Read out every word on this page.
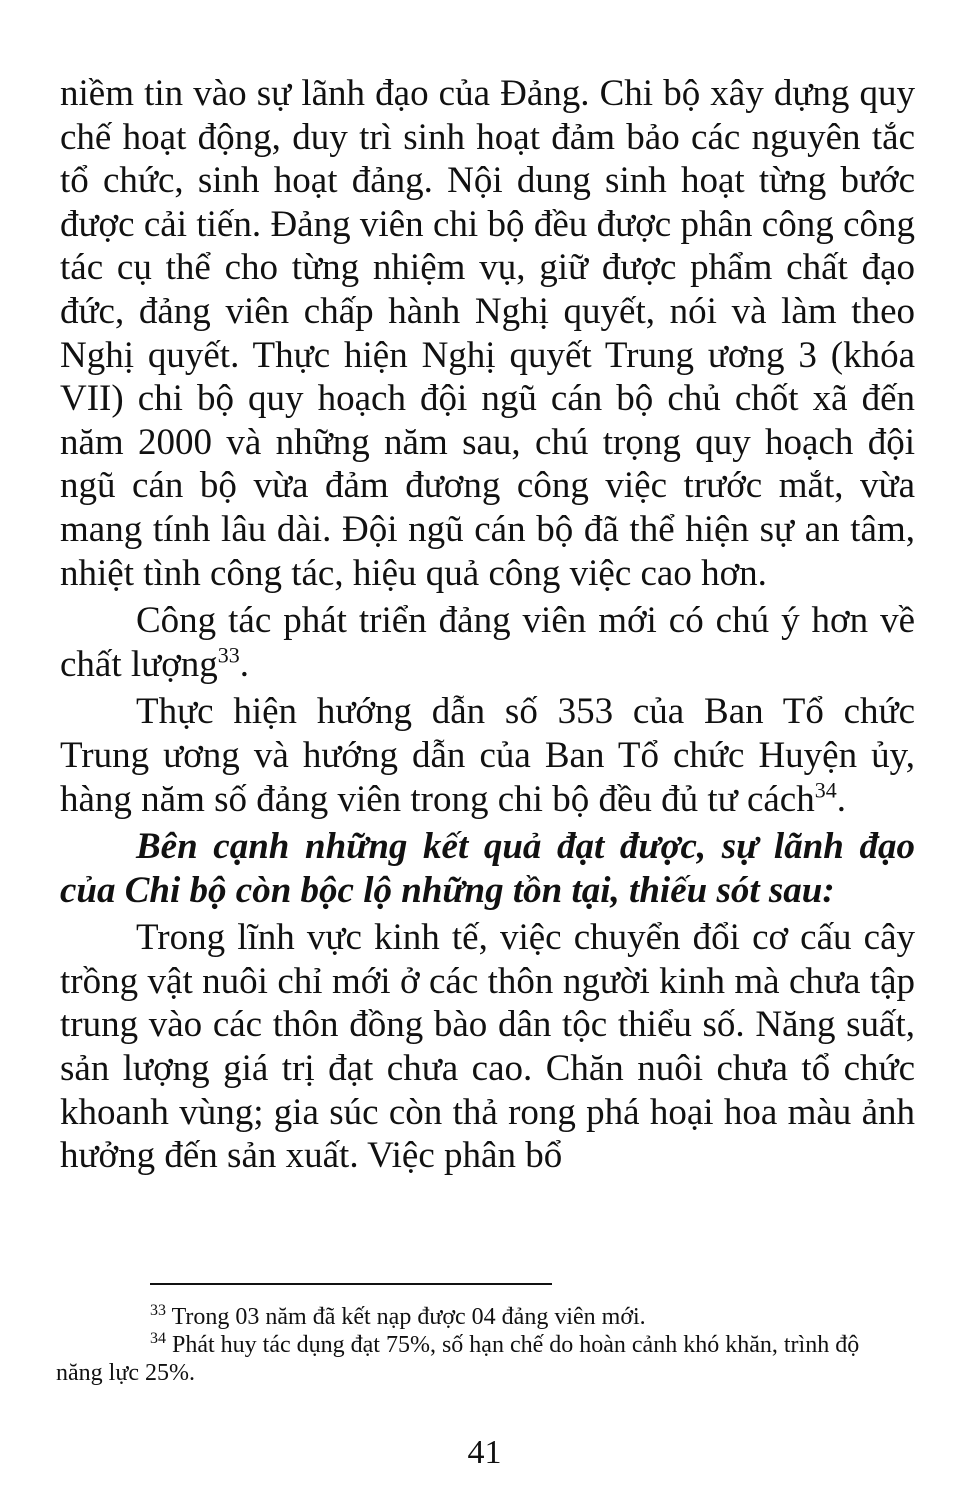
niềm tin vào sự lãnh đạo của Đảng. Chi bộ xây dựng quy chế hoạt động, duy trì sinh hoạt đảm bảo các nguyên tắc tổ chức, sinh hoạt đảng. Nội dung sinh hoạt từng bước được cải tiến. Đảng viên chi bộ đều được phân công công tác cụ thể cho từng nhiệm vụ, giữ được phẩm chất đạo đức, đảng viên chấp hành Nghị quyết, nói và làm theo Nghị quyết. Thực hiện Nghị quyết Trung ương 3 (khóa VII) chi bộ quy hoạch đội ngũ cán bộ chủ chốt xã đến năm 2000 và những năm sau, chú trọng quy hoạch đội ngũ cán bộ vừa đảm đương công việc trước mắt, vừa mang tính lâu dài. Đội ngũ cán bộ đã thể hiện sự an tâm, nhiệt tình công tác, hiệu quả công việc cao hơn.

Công tác phát triển đảng viên mới có chú ý hơn về chất lượng$^{33}$.

Thực hiện hướng dẫn số 353 của Ban Tổ chức Trung ương và hướng dẫn của Ban Tổ chức Huyện ủy, hàng năm số đảng viên trong chi bộ đều đủ tư cách$^{34}$.

Bên cạnh những kết quả đạt được, sự lãnh đạo của Chi bộ còn bộc lộ những tồn tại, thiếu sót sau:

Trong lĩnh vực kinh tế, việc chuyển đổi cơ cấu cây trồng vật nuôi chỉ mới ở các thôn người kinh mà chưa tập trung vào các thôn đồng bào dân tộc thiểu số. Năng suất, sản lượng giá trị đạt chưa cao. Chăn nuôi chưa tổ chức khoanh vùng; gia súc còn thả rong phá hoại hoa màu ảnh hưởng đến sản xuất. Việc phân bổ

$^{33}$ Trong 03 năm đã kết nạp được 04 đảng viên mới.

$^{34}$ Phát huy tác dụng đạt 75%, số hạn chế do hoàn cảnh khó khăn, trình độ năng lực 25%.

41
